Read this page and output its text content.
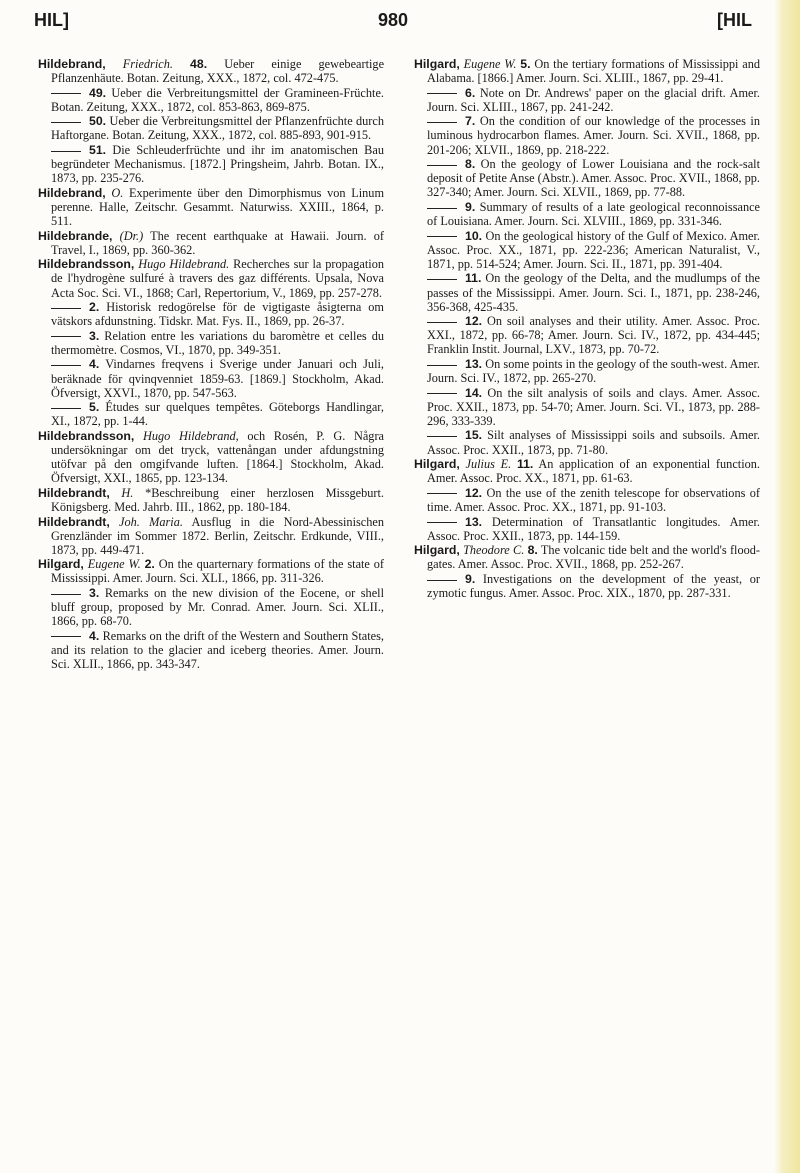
HIL]	980	[HIL

Hildebrand, Friedrich. 48. Ueber einige gewebeartige Pflanzenhäute. Botan. Zeitung, XXX., 1872, col. 472-475.

49. Ueber die Verbreitungsmittel der Gramineen-Früchte. Botan. Zeitung, XXX., 1872, col. 853-863, 869-875.

50. Ueber die Verbreitungsmittel der Pflanzenfrüchte durch Haftorgane. Botan. Zeitung, XXX., 1872, col. 885-893, 901-915.

51. Die Schleuderfrüchte und ihr im anatomischen Bau begründeter Mechanismus. [1872.] Pringsheim, Jahrb. Botan. IX., 1873, pp. 235-276.

Hildebrand, O. Experimente über den Dimorphismus von Linum perenne. Halle, Zeitschr. Gesammt. Naturwiss. XXIII., 1864, p. 511.

Hildebrande, (Dr.) The recent earthquake at Hawaii. Journ. of Travel, I., 1869, pp. 360-362.

Hildebrandsson, Hugo Hildebrand. Recherches sur la propagation de l'hydrogène sulfuré à travers des gaz différents. Upsala, Nova Acta Soc. Sci. VI., 1868; Carl, Repertorium, V., 1869, pp. 257-278.

2. Historisk redogörelse för de vigtigaste åsigterna om vätskors afdunstning. Tidskr. Mat. Fys. II., 1869, pp. 26-37.

3. Relation entre les variations du baromètre et celles du thermomètre. Cosmos, VI., 1870, pp. 349-351.

4. Vindarnes freqvens i Sverige under Januari och Juli, beräknade för qvinqvenniet 1859-63. [1869.] Stockholm, Akad. Öfversigt, XXVI., 1870, pp. 547-563.

5. Études sur quelques tempêtes. Göteborgs Handlingar, XI., 1872, pp. 1-44.

Hildebrandsson, Hugo Hildebrand, och Rosén, P. G. Några undersökningar om det tryck, vattenångan under afdungstning utöfvar på den omgifvande luften. [1864.] Stockholm, Akad. Öfversigt, XXI., 1865, pp. 123-134.

Hildebrandt, H. *Beschreibung einer herzlosen Missgeburt. Königsberg. Med. Jahrb. III., 1862, pp. 180-184.

Hildebrandt, Joh. Maria. Ausflug in die Nord-Abessinischen Grenzländer im Sommer 1872. Berlin, Zeitschr. Erdkunde, VIII., 1873, pp. 449-471.

Hilgard, Eugene W. 2. On the quarternary formations of the state of Mississippi. Amer. Journ. Sci. XLI., 1866, pp. 311-326.

3. Remarks on the new division of the Eocene, or shell bluff group, proposed by Mr. Conrad. Amer. Journ. Sci. XLII., 1866, pp. 68-70.

4. Remarks on the drift of the Western and Southern States, and its relation to the glacier and iceberg theories. Amer. Journ. Sci. XLII., 1866, pp. 343-347.

Hilgard, Eugene W. 5. On the tertiary formations of Mississippi and Alabama. [1866.] Amer. Journ. Sci. XLIII., 1867, pp. 29-41.

6. Note on Dr. Andrews' paper on the glacial drift. Amer. Journ. Sci. XLIII., 1867, pp. 241-242.

7. On the condition of our knowledge of the processes in luminous hydrocarbon flames. Amer. Journ. Sci. XVII., 1868, pp. 201-206; XLVII., 1869, pp. 218-222.

8. On the geology of Lower Louisiana and the rock-salt deposit of Petite Anse (Abstr.). Amer. Assoc. Proc. XVII., 1868, pp. 327-340; Amer. Journ. Sci. XLVII., 1869, pp. 77-88.

9. Summary of results of a late geological reconnoissance of Louisiana. Amer. Journ. Sci. XLVIII., 1869, pp. 331-346.

10. On the geological history of the Gulf of Mexico. Amer. Assoc. Proc. XX., 1871, pp. 222-236; American Naturalist, V., 1871, pp. 514-524; Amer. Journ. Sci. II., 1871, pp. 391-404.

11. On the geology of the Delta, and the mudlumps of the passes of the Mississippi. Amer. Journ. Sci. I., 1871, pp. 238-246, 356-368, 425-435.

12. On soil analyses and their utility. Amer. Assoc. Proc. XXI., 1872, pp. 66-78; Amer. Journ. Sci. IV., 1872, pp. 434-445; Franklin Instit. Journal, LXV., 1873, pp. 70-72.

13. On some points in the geology of the south-west. Amer. Journ. Sci. IV., 1872, pp. 265-270.

14. On the silt analysis of soils and clays. Amer. Assoc. Proc. XXII., 1873, pp. 54-70; Amer. Journ. Sci. VI., 1873, pp. 288-296, 333-339.

15. Silt analyses of Mississippi soils and subsoils. Amer. Assoc. Proc. XXII., 1873, pp. 71-80.

Hilgard, Julius E. 11. An application of an exponential function. Amer. Assoc. Proc. XX., 1871, pp. 61-63.

12. On the use of the zenith telescope for observations of time. Amer. Assoc. Proc. XX., 1871, pp. 91-103.

13. Determination of Transatlantic longitudes. Amer. Assoc. Proc. XXII., 1873, pp. 144-159.

Hilgard, Theodore C. 8. The volcanic tide belt and the world's flood-gates. Amer. Assoc. Proc. XVII., 1868, pp. 252-267.

9. Investigations on the development of the yeast, or zymotic fungus. Amer. Assoc. Proc. XIX., 1870, pp. 287-331.
